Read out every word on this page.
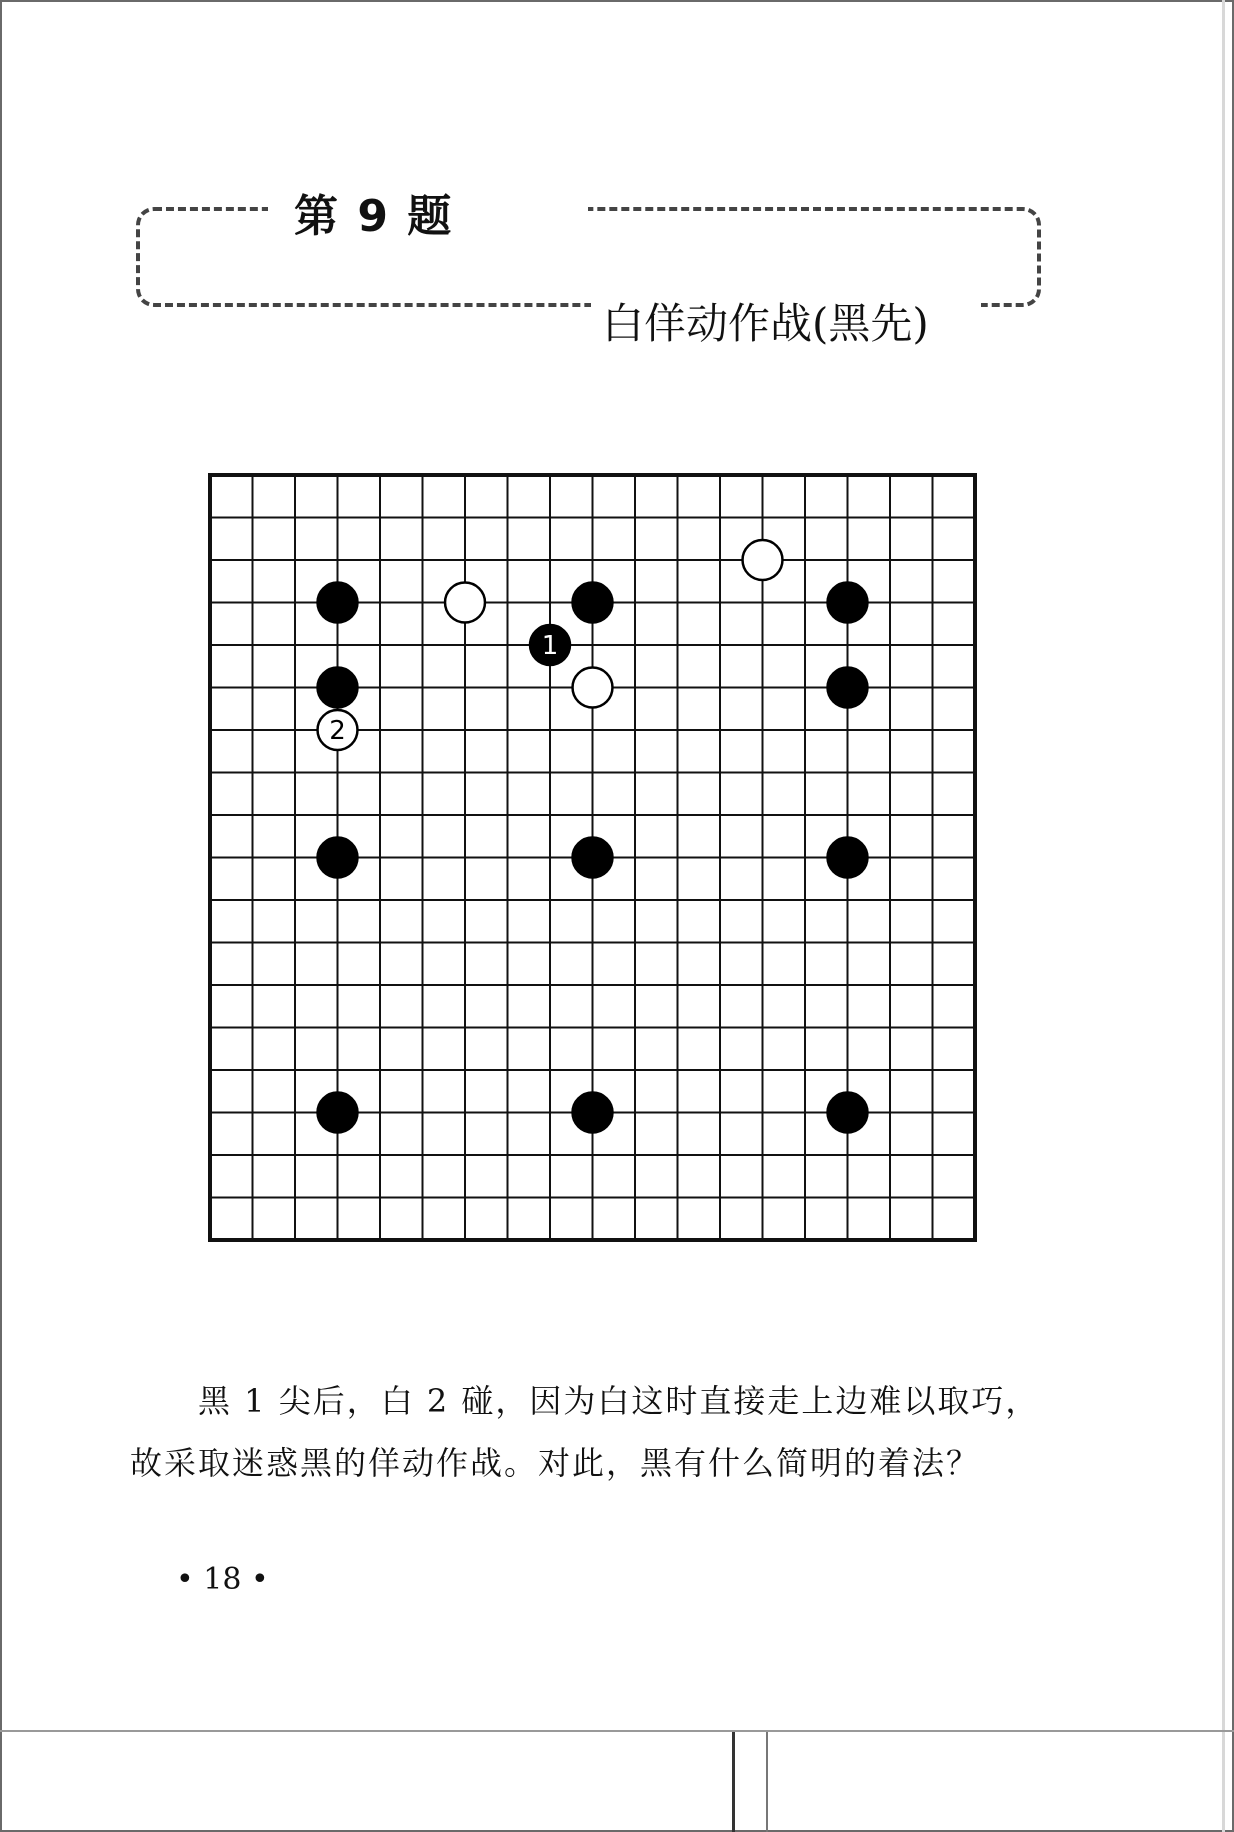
第 9 题
白佯动作战(黑先)
1
2

黑 1 尖后，白 2 碰，因为白这时直接走上边难以取巧，故采取迷惑黑的佯动作战。对此，黑有什么简明的着法？

• 18 •
